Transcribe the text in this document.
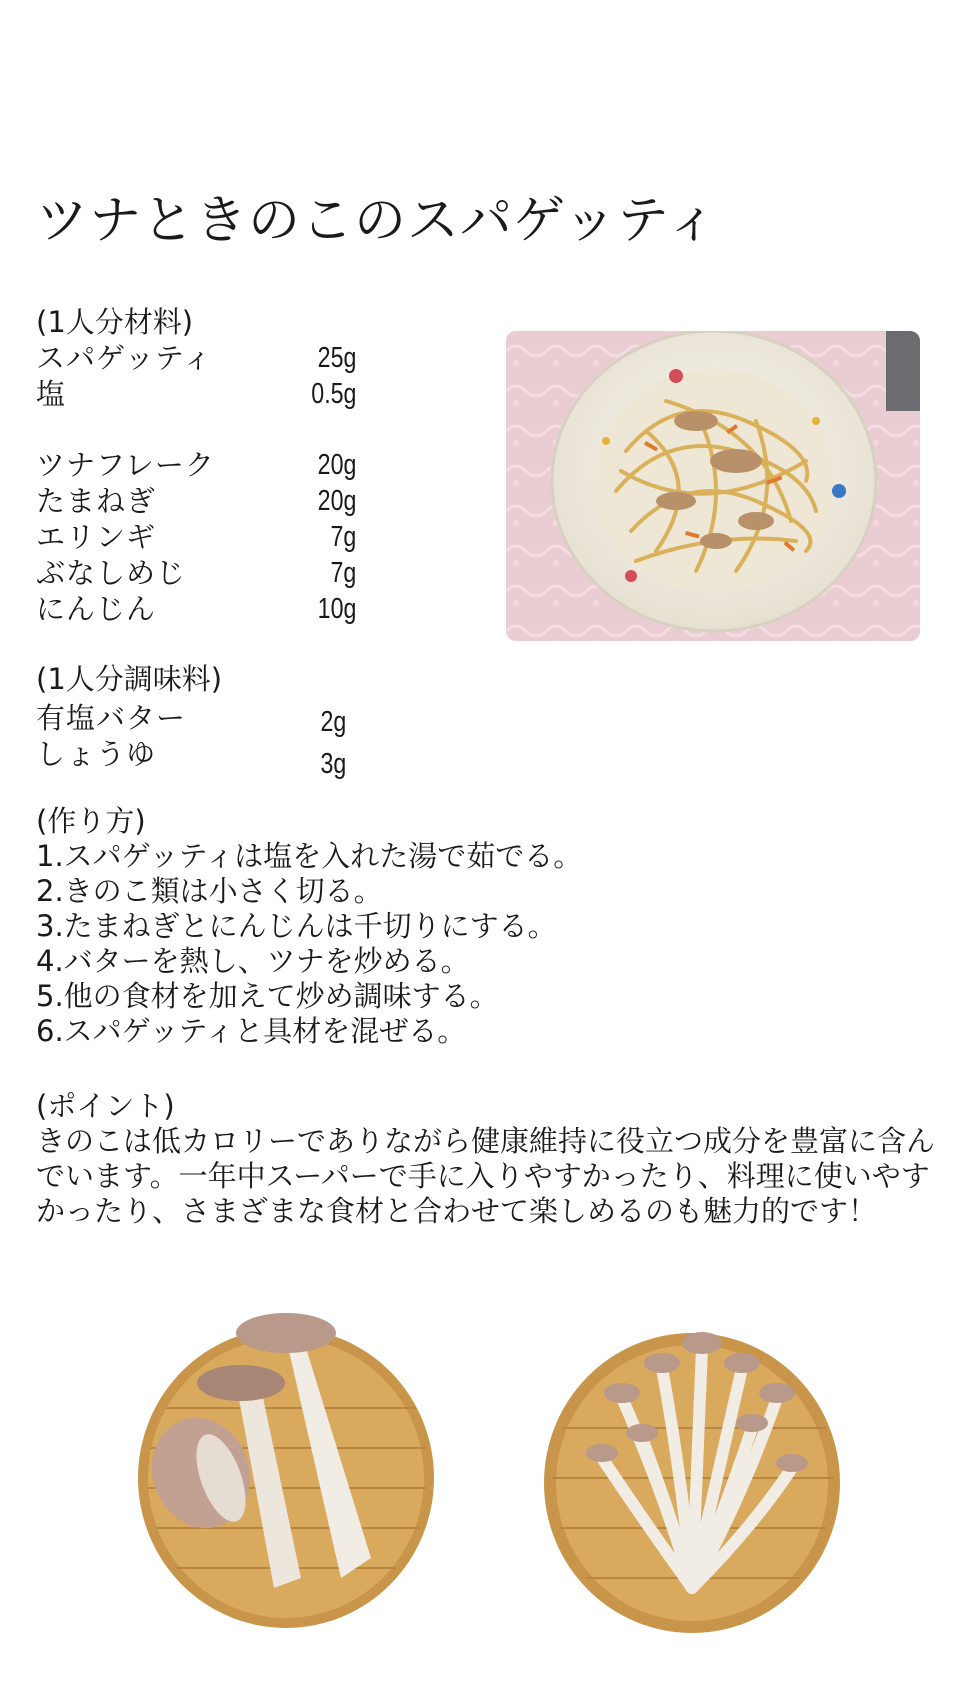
ツナときのこのスパゲッティ
(1人分材料)
スパゲッティ	25g
塩	0.5g
ツナフレーク	20g
たまねぎ	20g
エリンギ	7g
ぶなしめじ	7g
にんじん	10g
(1人分調味料)
有塩バター	2g
しょうゆ	3g
(作り方)
1.スパゲッティは塩を入れた湯で茹でる。
2.きのこ類は小さく切る。
3.たまねぎとにんじんは千切りにする。
4.バターを熱し、ツナを炒める。
5.他の食材を加えて炒め調味する。
6.スパゲッティと具材を混ぜる。
(ポイント)
きのこは低カロリーでありながら健康維持に役立つ成分を豊富に含んでいます。一年中スーパーで手に入りやすかったり、料理に使いやすかったり、さまざまな食材と合わせて楽しめるのも魅力的です！
